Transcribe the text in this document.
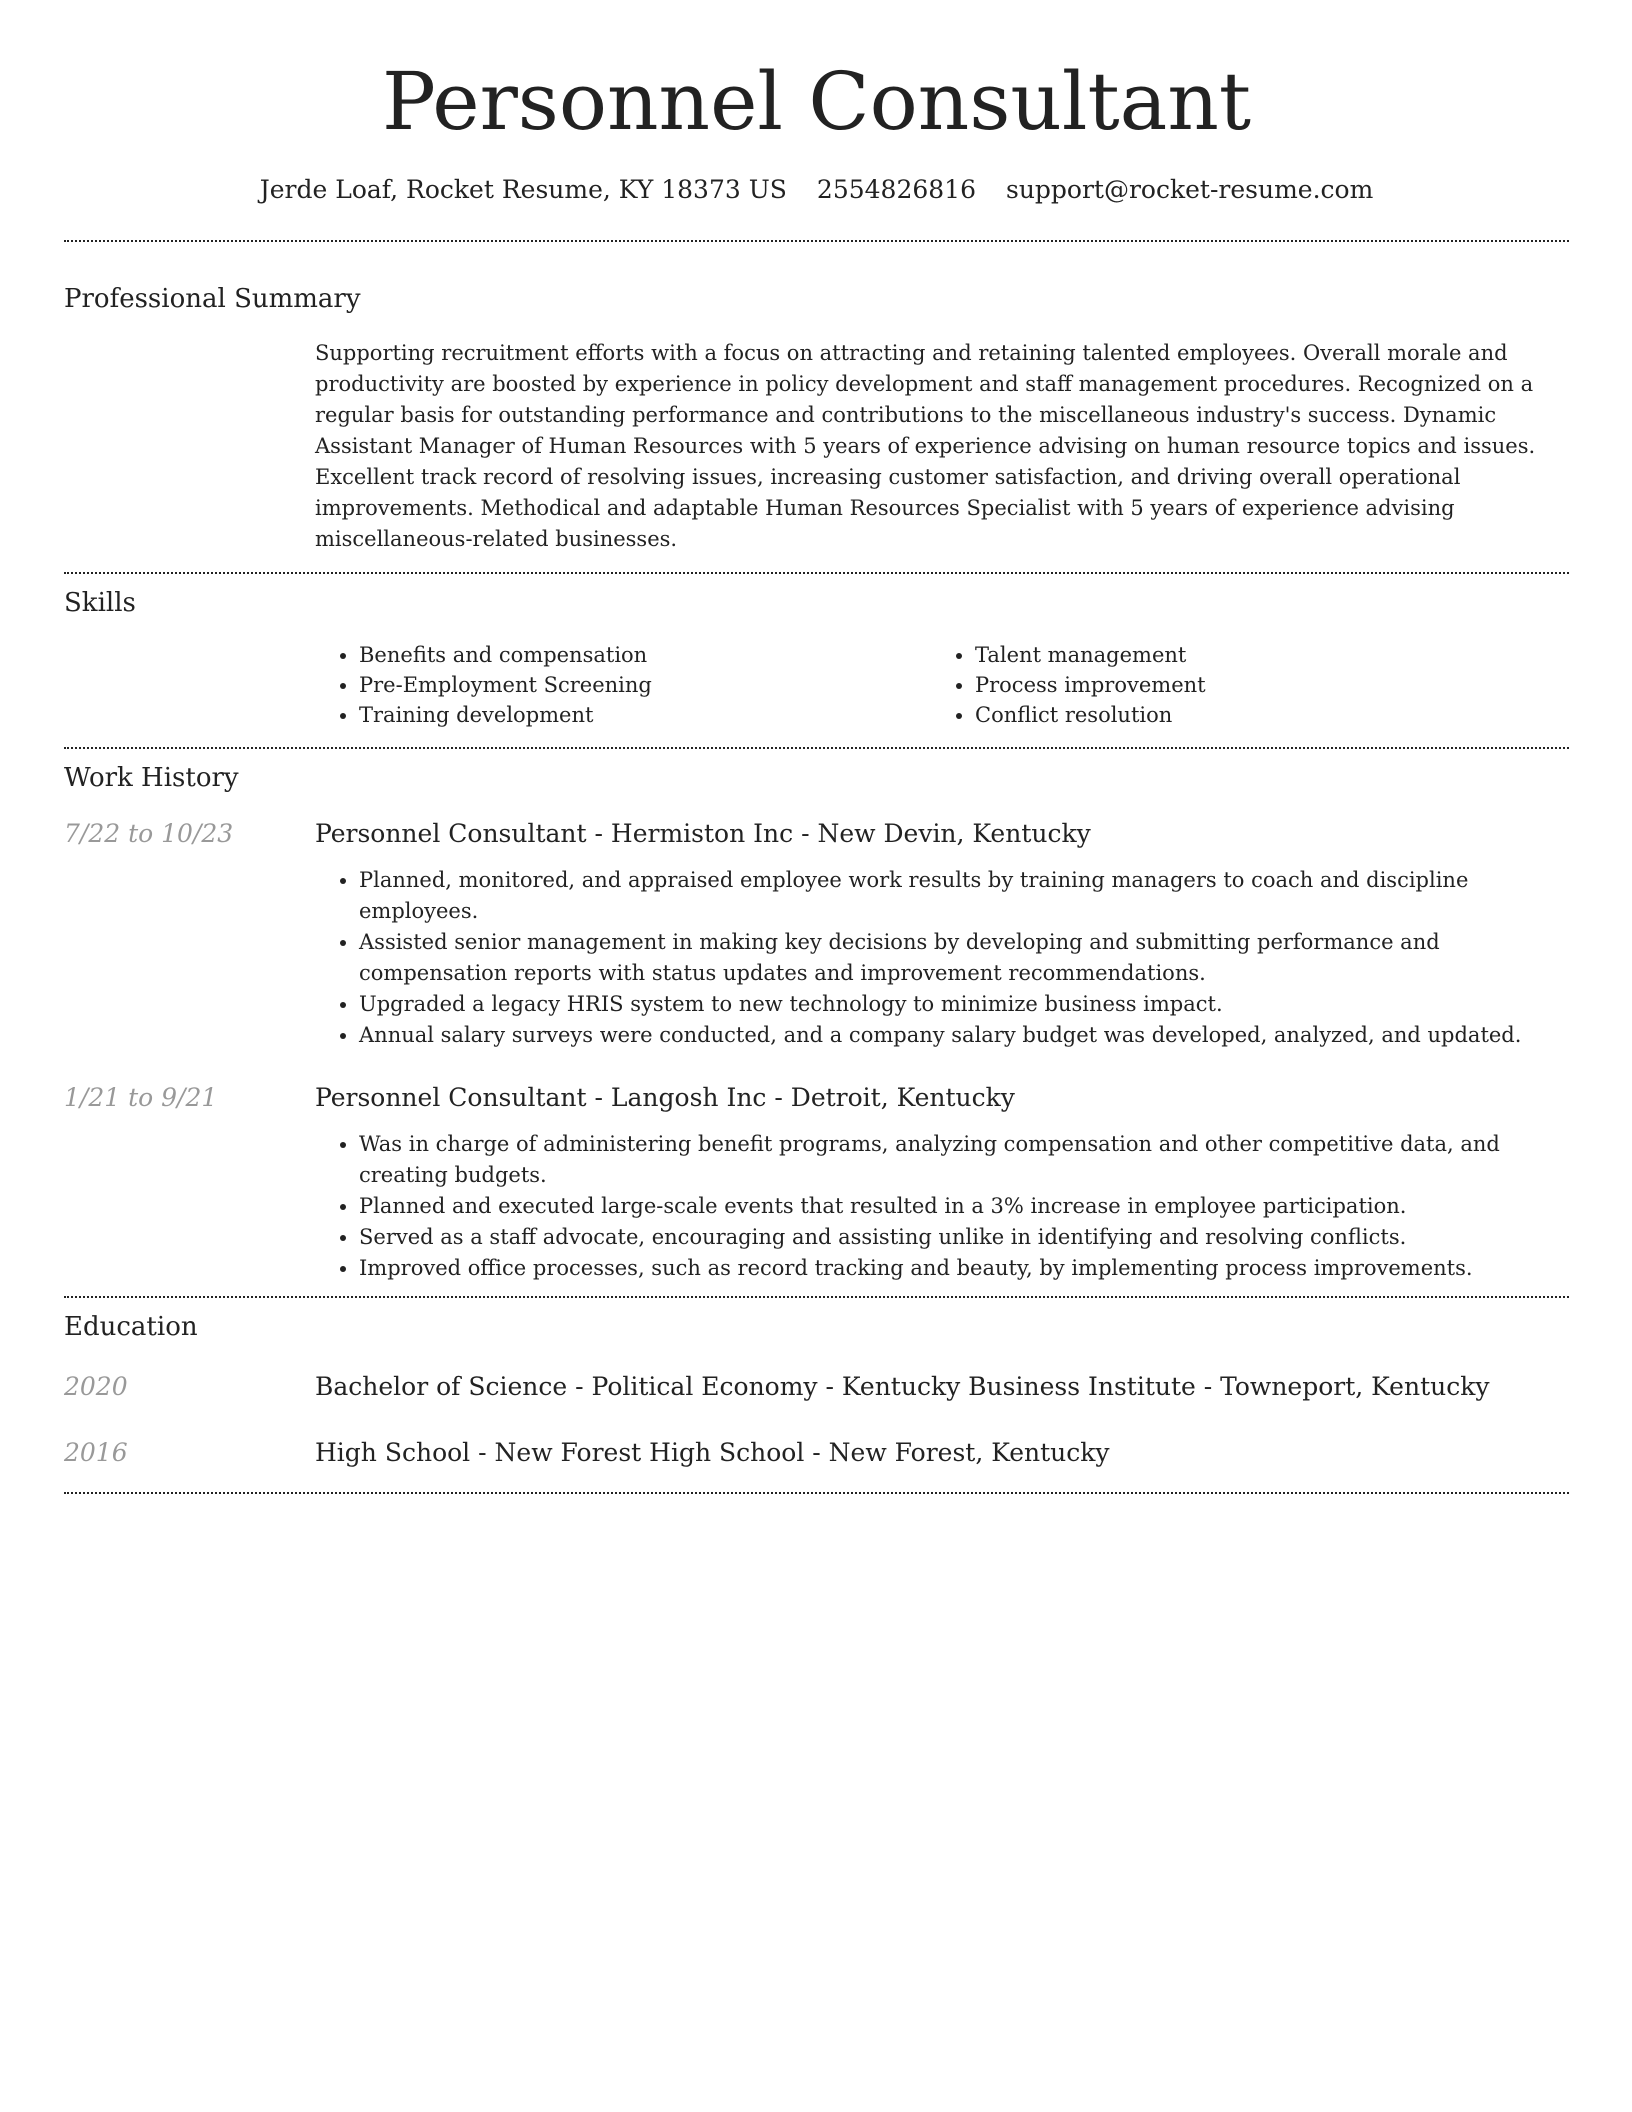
Personnel Consultant
Jerde Loaf, Rocket Resume, KY 18373 US 2554826816 support@rocket-resume.com
Professional Summary

Supporting recruitment efforts with a focus on attracting and retaining talented employees. Overall morale and productivity are boosted by experience in policy development and staff management procedures. Recognized on a regular basis for outstanding performance and contributions to the miscellaneous industry's success. Dynamic Assistant Manager of Human Resources with 5 years of experience advising on human resource topics and issues. Excellent track record of resolving issues, increasing customer satisfaction, and driving overall operational improvements. Methodical and adaptable Human Resources Specialist with 5 years of experience advising miscellaneous-related businesses.

Skills
• Benefits and compensation
• Pre-Employment Screening
• Training development
• Talent management
• Process improvement
• Conflict resolution
Work History
7/22 to 10/23	Personnel Consultant - Hermiston Inc - New Devin, Kentucky
• Planned, monitored, and appraised employee work results by training managers to coach and discipline employees.
• Assisted senior management in making key decisions by developing and submitting performance and compensation reports with status updates and improvement recommendations.
• Upgraded a legacy HRIS system to new technology to minimize business impact.
• Annual salary surveys were conducted, and a company salary budget was developed, analyzed, and updated.
1/21 to 9/21	Personnel Consultant - Langosh Inc - Detroit, Kentucky
• Was in charge of administering benefit programs, analyzing compensation and other competitive data, and creating budgets.
• Planned and executed large-scale events that resulted in a 3% increase in employee participation.
• Served as a staff advocate, encouraging and assisting unlike in identifying and resolving conflicts.
• Improved office processes, such as record tracking and beauty, by implementing process improvements.
Education
2020	Bachelor of Science - Political Economy - Kentucky Business Institute - Towneport, Kentucky
2016	High School - New Forest High School - New Forest, Kentucky
